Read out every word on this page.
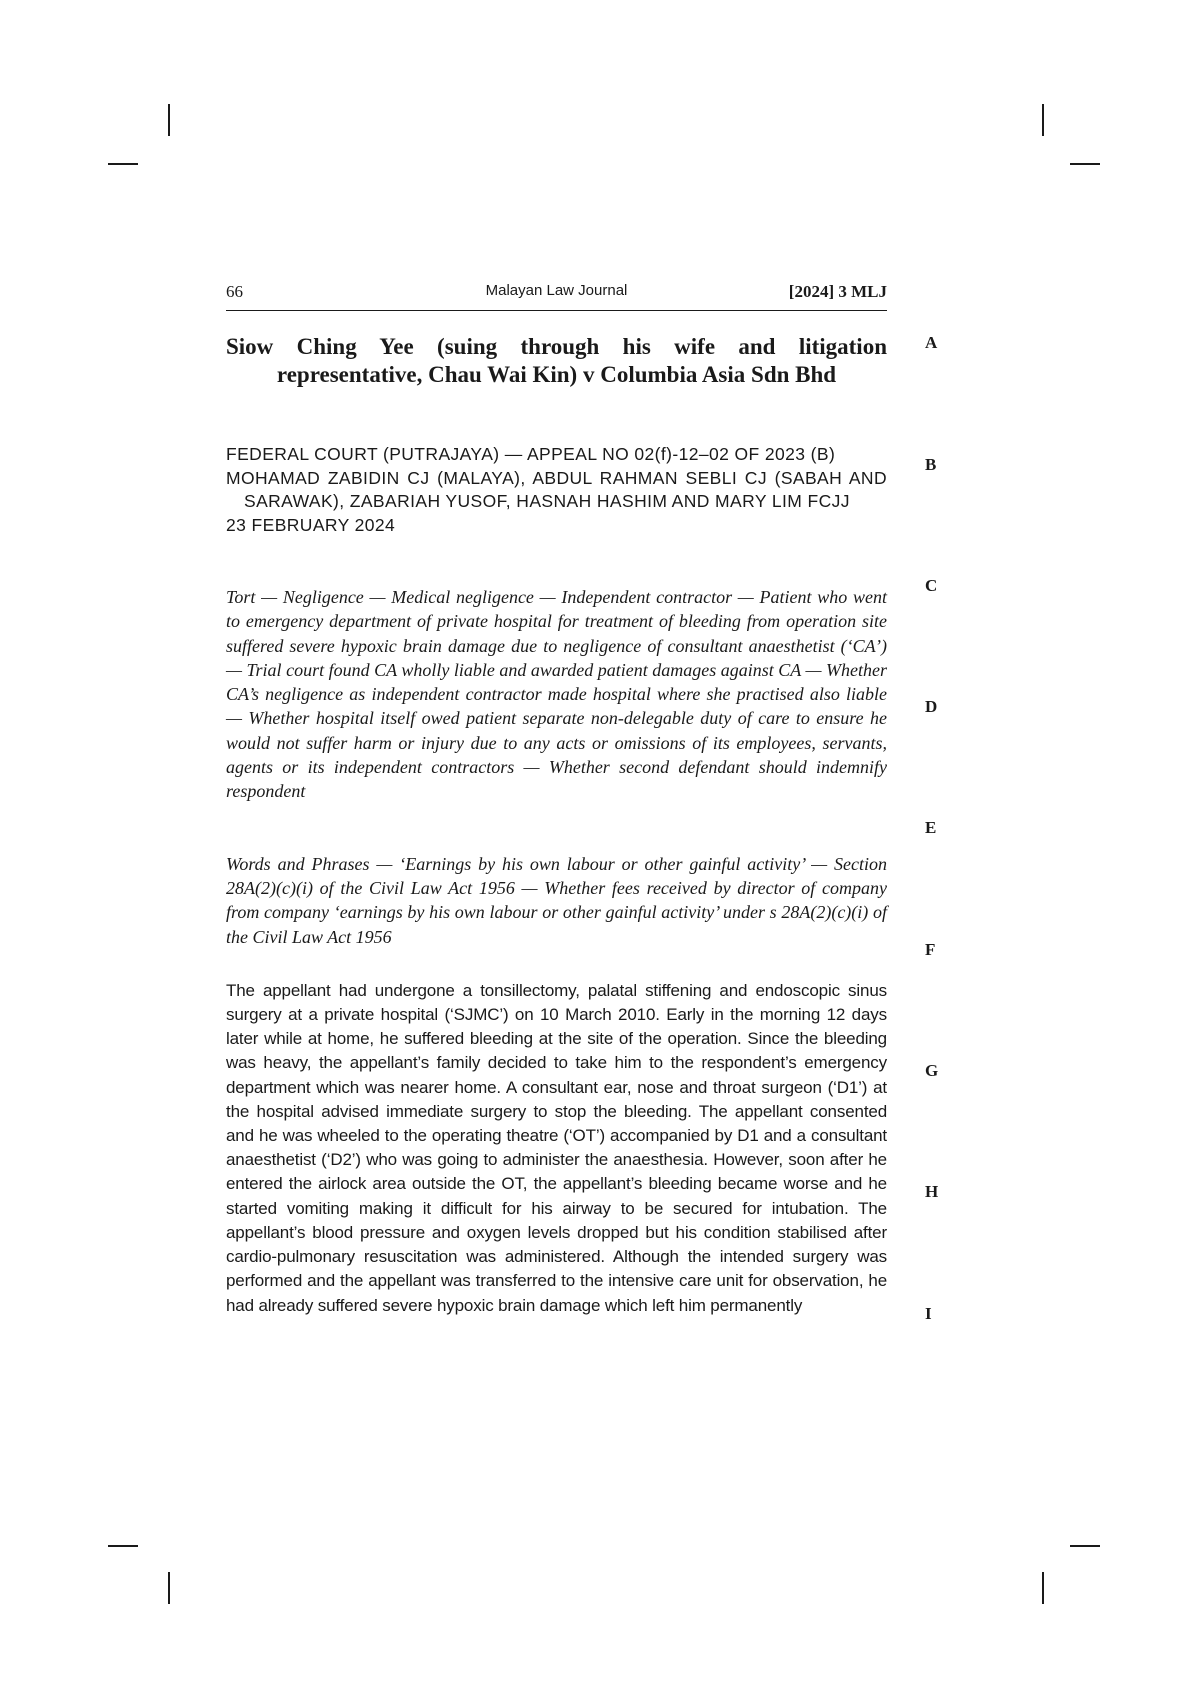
A
B
C
D
E
F
G
H
I
66	Malayan Law Journal	[2024] 3 MLJ
Siow Ching Yee (suing through his wife and litigation representative, Chau Wai Kin) v Columbia Asia Sdn Bhd

FEDERAL COURT (PUTRAJAYA) — APPEAL NO 02(f)-12–02 OF 2023 (B)

MOHAMAD ZABIDIN CJ (MALAYA), ABDUL RAHMAN SEBLI CJ (SABAH AND SARAWAK), ZABARIAH YUSOF, HASNAH HASHIM AND MARY LIM FCJJ

23 FEBRUARY 2024

Tort — Negligence — Medical negligence — Independent contractor — Patient who went to emergency department of private hospital for treatment of bleeding from operation site suffered severe hypoxic brain damage due to negligence of consultant anaesthetist (‘CA’) — Trial court found CA wholly liable and awarded patient damages against CA — Whether CA’s negligence as independent contractor made hospital where she practised also liable — Whether hospital itself owed patient separate non-delegable duty of care to ensure he would not suffer harm or injury due to any acts or omissions of its employees, servants, agents or its independent contractors — Whether second defendant should indemnify respondent

Words and Phrases — ‘Earnings by his own labour or other gainful activity’ — Section 28A(2)(c)(i) of the Civil Law Act 1956 — Whether fees received by director of company from company ‘earnings by his own labour or other gainful activity’ under s 28A(2)(c)(i) of the Civil Law Act 1956

The appellant had undergone a tonsillectomy, palatal stiffening and endoscopic sinus surgery at a private hospital (‘SJMC’) on 10 March 2010. Early in the morning 12 days later while at home, he suffered bleeding at the site of the operation. Since the bleeding was heavy, the appellant’s family decided to take him to the respondent’s emergency department which was nearer home. A consultant ear, nose and throat surgeon (‘D1’) at the hospital advised immediate surgery to stop the bleeding. The appellant consented and he was wheeled to the operating theatre (‘OT’) accompanied by D1 and a consultant anaesthetist (‘D2’) who was going to administer the anaesthesia. However, soon after he entered the airlock area outside the OT, the appellant’s bleeding became worse and he started vomiting making it difficult for his airway to be secured for intubation. The appellant’s blood pressure and oxygen levels dropped but his condition stabilised after cardio-pulmonary resuscitation was administered. Although the intended surgery was performed and the appellant was transferred to the intensive care unit for observation, he had already suffered severe hypoxic brain damage which left him permanently
